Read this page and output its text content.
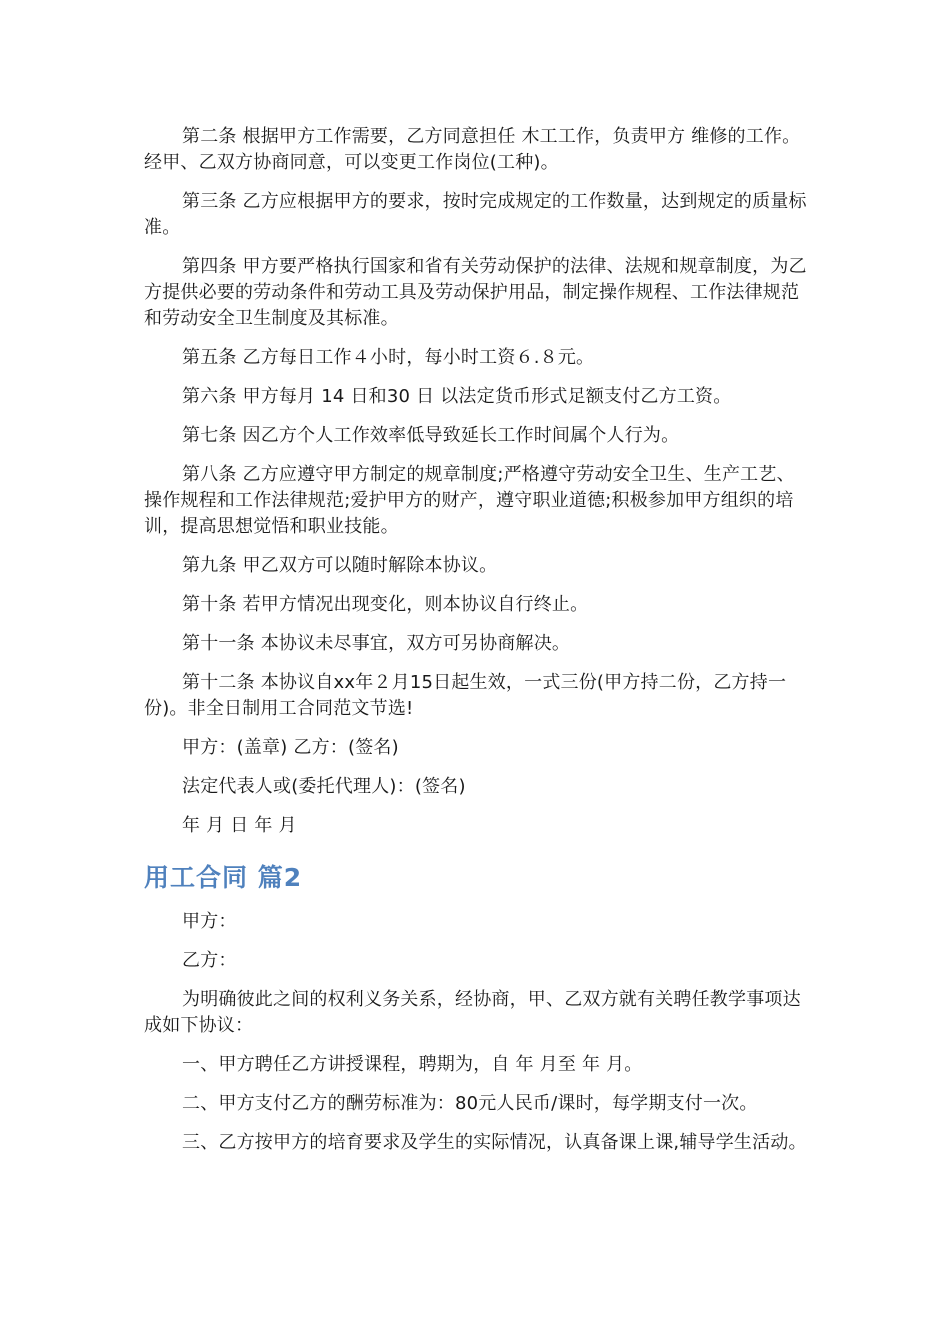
第二条 根据甲方工作需要，乙方同意担任 木工工作，负责甲方 维修的工作。经甲、乙双方协商同意，可以变更工作岗位(工种)。

第三条 乙方应根据甲方的要求，按时完成规定的工作数量，达到规定的质量标准。

第四条 甲方要严格执行国家和省有关劳动保护的法律、法规和规章制度，为乙方提供必要的劳动条件和劳动工具及劳动保护用品，制定操作规程、工作法律规范和劳动安全卫生制度及其标准。

第五条 乙方每日工作４小时，每小时工资６.８元。

第六条 甲方每月 14 日和30 日 以法定货币形式足额支付乙方工资。

第七条 因乙方个人工作效率低导致延长工作时间属个人行为。

第八条 乙方应遵守甲方制定的规章制度;严格遵守劳动安全卫生、生产工艺、操作规程和工作法律规范;爱护甲方的财产，遵守职业道德;积极参加甲方组织的培训，提高思想觉悟和职业技能。

第九条 甲乙双方可以随时解除本协议。

第十条 若甲方情况出现变化，则本协议自行终止。

第十一条 本协议未尽事宜，双方可另协商解决。

第十二条 本协议自xx年２月15日起生效，一式三份(甲方持二份，乙方持一份)。非全日制用工合同范文节选!

甲方：(盖章) 乙方：(签名)

法定代表人或(委托代理人)：(签名)

年 月 日 年 月

用工合同 篇2

甲方：

乙方：

为明确彼此之间的权利义务关系，经协商，甲、乙双方就有关聘任教学事项达成如下协议：

一、甲方聘任乙方讲授课程，聘期为，自 年 月至 年 月。

二、甲方支付乙方的酬劳标准为：80元人民币/课时，每学期支付一次。

三、乙方按甲方的培育要求及学生的实际情况，认真备课上课,辅导学生活动。
